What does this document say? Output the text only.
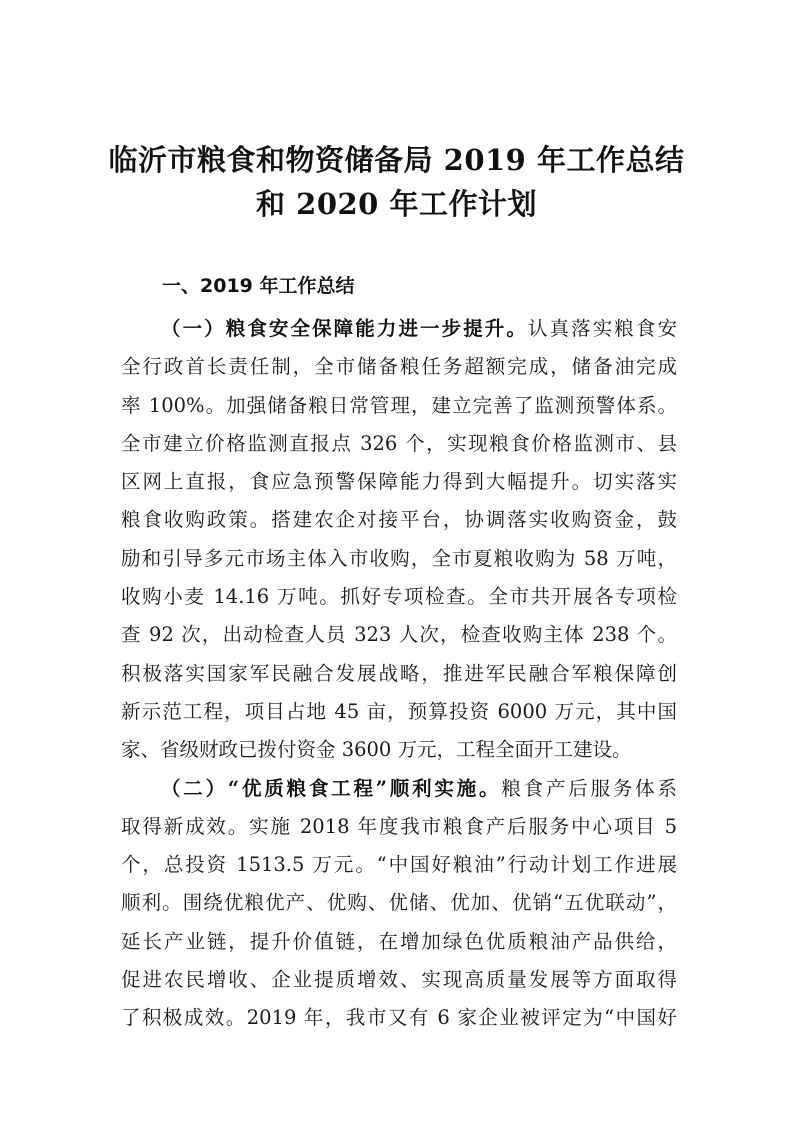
临沂市粮食和物资储备局 2019 年工作总结
和 2020 年工作计划
一、2019 年工作总结
（一）粮食安全保障能力进一步提升。认真落实粮食安
全行政首长责任制，全市储备粮任务超额完成，储备油完成
率 100%。加强储备粮日常管理，建立完善了监测预警体系。
全市建立价格监测直报点 326 个，实现粮食价格监测市、县
区网上直报，食应急预警保障能力得到大幅提升。切实落实
粮食收购政策。搭建农企对接平台，协调落实收购资金，鼓
励和引导多元市场主体入市收购，全市夏粮收购为 58 万吨，
收购小麦 14.16 万吨。抓好专项检查。全市共开展各专项检
查 92 次，出动检查人员 323 人次，检查收购主体 238 个。
积极落实国家军民融合发展战略，推进军民融合军粮保障创
新示范工程，项目占地 45 亩，预算投资 6000 万元，其中国
家、省级财政已拨付资金 3600 万元，工程全面开工建设。
（二）“优质粮食工程”顺利实施。粮食产后服务体系
取得新成效。实施 2018 年度我市粮食产后服务中心项目 5
个，总投资 1513.5 万元。“中国好粮油”行动计划工作进展
顺利。围绕优粮优产、优购、优储、优加、优销“五优联动”，
延长产业链，提升价值链，在增加绿色优质粮油产品供给，
促进农民增收、企业提质增效、实现高质量发展等方面取得
了积极成效。2019 年，我市又有 6 家企业被评定为“中国好
